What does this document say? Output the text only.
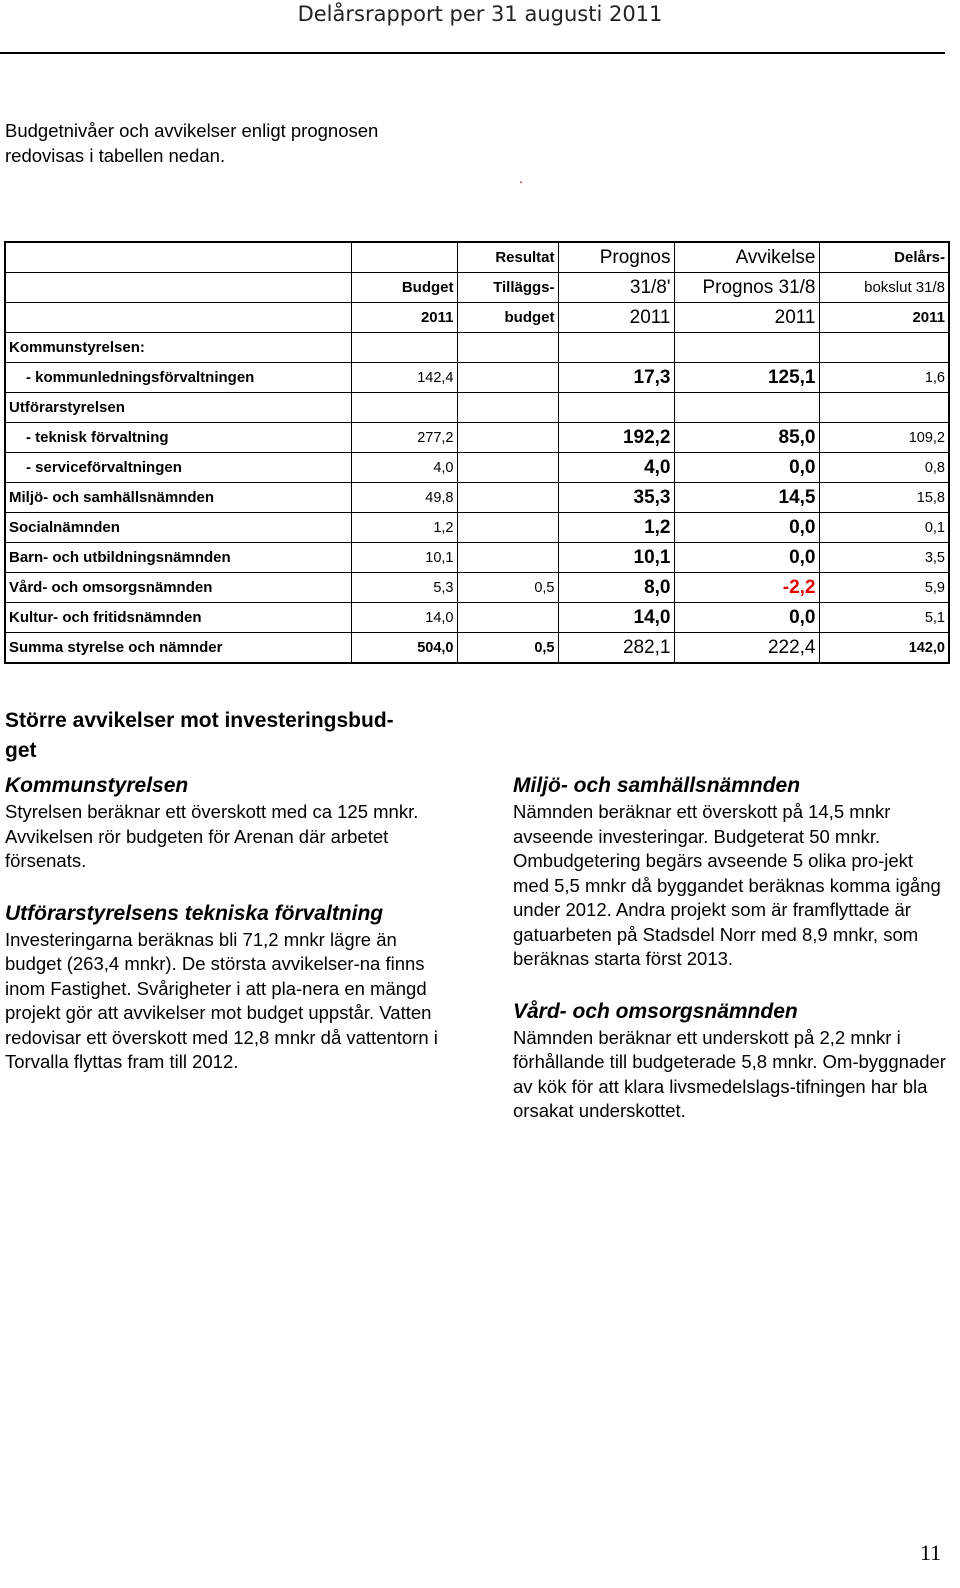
Delårsrapport per 31 augusti 2011
Budgetnivåer och avvikelser enligt prognosen redovisas i tabellen nedan.
.
		Resultat	Prognos	Avvikelse	Delårs-
	Budget	Tilläggs-	31/8'	Prognos 31/8	bokslut 31/8
	2011	budget	2011	2011	2011
Kommunstyrelsen:					
- kommunledningsförvaltningen	142,4		17,3	125,1	1,6
Utförarstyrelsen					
- teknisk förvaltning	277,2		192,2	85,0	109,2
- serviceförvaltningen	4,0		4,0	0,0	0,8
Miljö- och samhällsnämnden	49,8		35,3	14,5	15,8
Socialnämnden	1,2		1,2	0,0	0,1
Barn- och utbildningsnämnden	10,1		10,1	0,0	3,5
Vård- och omsorgsnämnden	5,3	0,5	8,0	-2,2	5,9
Kultur- och fritidsnämnden	14,0		14,0	0,0	5,1
Summa styrelse och nämnder	504,0	0,5	282,1	222,4	142,0
Större avvikelser mot investeringsbud-
get

Kommunstyrelsen

Styrelsen beräknar ett överskott med ca 125 mnkr. Avvikelsen rör budgeten för Arenan där arbetet försenats.

Utförarstyrelsens tekniska förvaltning

Investeringarna beräknas bli 71,2 mnkr lägre än budget (263,4 mnkr). De största avvikelser-na finns inom Fastighet. Svårigheter i att pla-nera en mängd projekt gör att avvikelser mot budget uppstår. Vatten redovisar ett överskott med 12,8 mnkr då vattentorn i Torvalla flyttas fram till 2012.

Miljö- och samhällsnämnden

Nämnden beräknar ett överskott på 14,5 mnkr avseende investeringar. Budgeterat 50 mnkr. Ombudgetering begärs avseende 5 olika pro-jekt med 5,5 mnkr då byggandet beräknas komma igång under 2012. Andra projekt som är framflyttade är gatuarbeten på Stadsdel Norr med 8,9 mnkr, som beräknas starta först 2013.

Vård- och omsorgsnämnden

Nämnden beräknar ett underskott på 2,2 mnkr i förhållande till budgeterade 5,8 mnkr. Om-byggnader av kök för att klara livsmedelslags-tifningen har bla orsakat underskottet.

11
